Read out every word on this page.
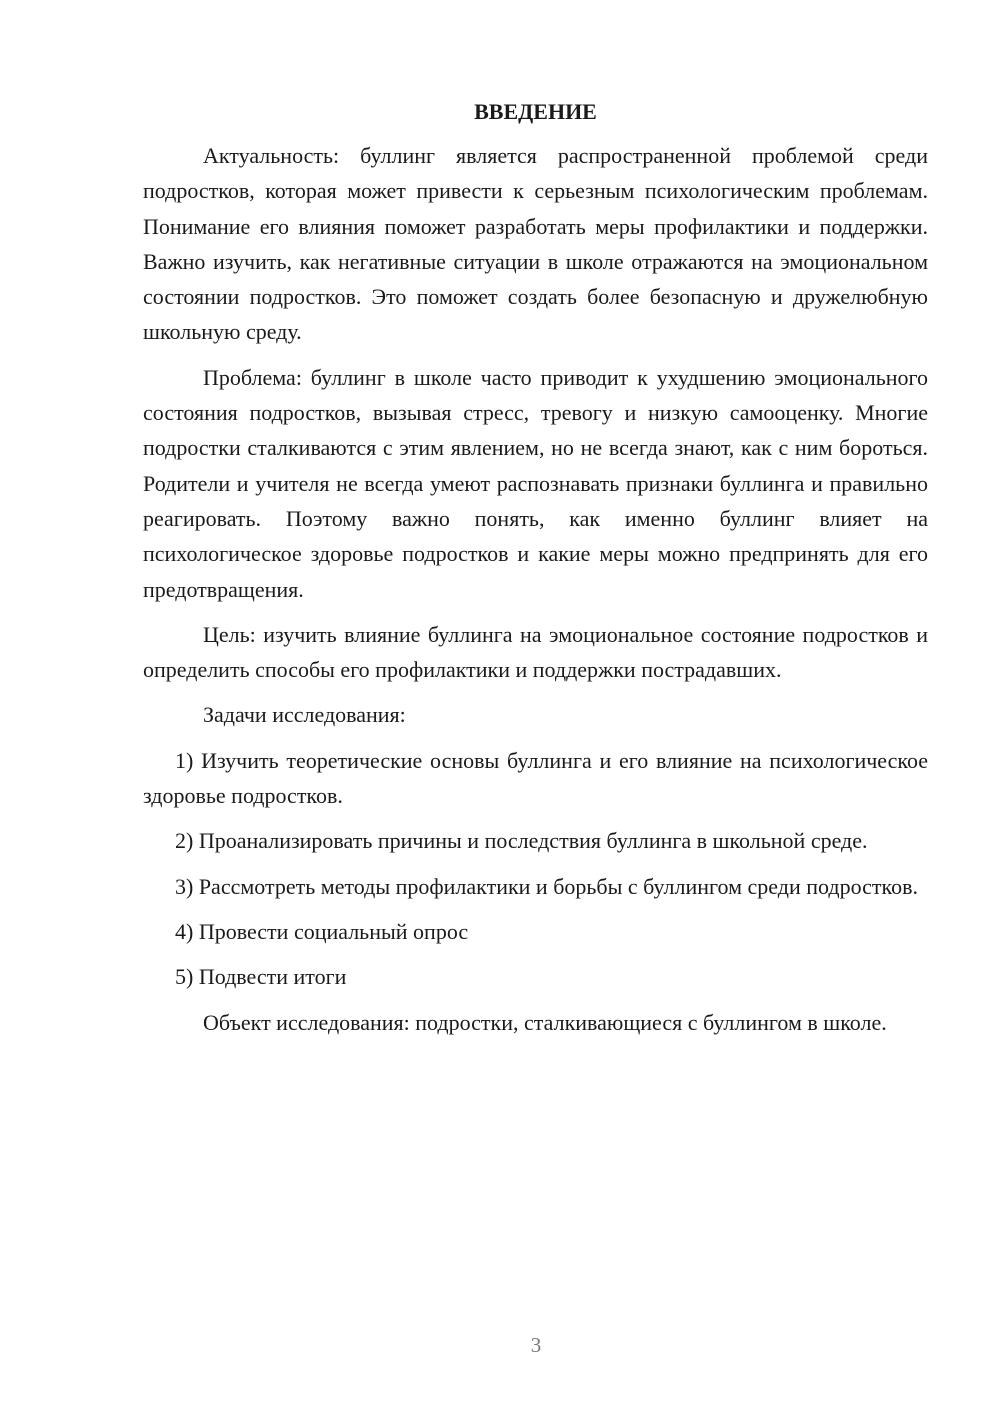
ВВЕДЕНИЕ

Актуальность: буллинг является распространенной проблемой среди подростков, которая может привести к серьезным психологическим проблемам. Понимание его влияния поможет разработать меры профилактики и поддержки. Важно изучить, как негативные ситуации в школе отражаются на эмоциональном состоянии подростков. Это поможет создать более безопасную и дружелюбную школьную среду.

Проблема: буллинг в школе часто приводит к ухудшению эмоционального состояния подростков, вызывая стресс, тревогу и низкую самооценку. Многие подростки сталкиваются с этим явлением, но не всегда знают, как с ним бороться. Родители и учителя не всегда умеют распознавать признаки буллинга и правильно реагировать. Поэтому важно понять, как именно буллинг влияет на психологическое здоровье подростков и какие меры можно предпринять для его предотвращения.

Цель: изучить влияние буллинга на эмоциональное состояние подростков и определить способы его профилактики и поддержки пострадавших.

Задачи исследования:

1) Изучить теоретические основы буллинга и его влияние на психологическое здоровье подростков.

2) Проанализировать причины и последствия буллинга в школьной среде.

3) Рассмотреть методы профилактики и борьбы с буллингом среди подростков.

4) Провести социальный опрос

5) Подвести итоги

Объект исследования: подростки, сталкивающиеся с буллингом в школе.

3
